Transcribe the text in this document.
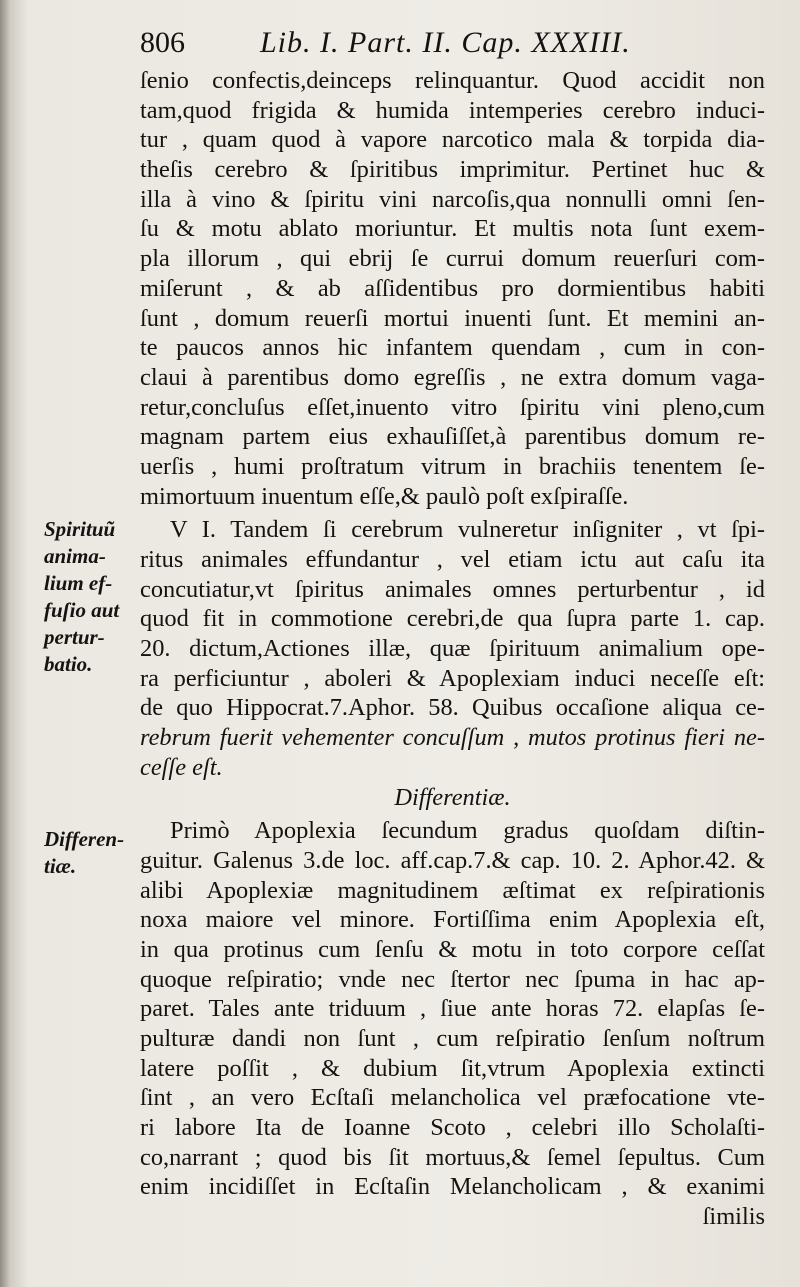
806	Lib. I. Part. II. Cap. XXXIII.
Spirituũ
anima-
lium ef-
fuſio aut
pertur-
batio.
Differen-
tiæ.
ſenio confectis,deinceps relinquantur. Quod accidit non
tam,quod frigida & humida intemperies cerebro induci-
tur , quam quod à vapore narcotico mala & torpida dia-
theſis cerebro & ſpiritibus imprimitur. Pertinet huc &
illa à vino & ſpiritu vini narcoſis,qua nonnulli omni ſen-
ſu & motu ablato moriuntur. Et multis nota ſunt exem-
pla illorum , qui ebrij ſe currui domum reuerſuri com-
miſerunt , & ab aſſidentibus pro dormientibus habiti
ſunt , domum reuerſi mortui inuenti ſunt. Et memini an-
te paucos annos hic infantem quendam , cum in con-
claui à parentibus domo egreſſis , ne extra domum vaga-
retur,concluſus eſſet,inuento vitro ſpiritu vini pleno,cum
magnam partem eius exhauſiſſet,à parentibus domum re-
uerſis , humi proſtratum vitrum in brachiis tenentem ſe-
mimortuum inuentum eſſe,& paulò poſt exſpiraſſe.
V I. Tandem ſi cerebrum vulneretur inſigniter , vt ſpi-
ritus animales effundantur , vel etiam ictu aut caſu ita
concutiatur,vt ſpiritus animales omnes perturbentur , id
quod fit in commotione cerebri,de qua ſupra parte 1. cap.
20. dictum,Actiones illæ, quæ ſpirituum animalium ope-
ra perficiuntur , aboleri & Apoplexiam induci neceſſe eſt:
de quo Hippocrat.7.Aphor. 58. Quibus occaſione aliqua ce-
rebrum fuerit vehementer concuſſum , mutos protinus fieri ne-
ceſſe eſt.
Differentiæ.
Primò Apoplexia ſecundum gradus quoſdam diſtin-
guitur. Galenus 3.de loc. aff.cap.7.& cap. 10. 2. Aphor.42. &
alibi Apoplexiæ magnitudinem æſtimat ex reſpirationis
noxa maiore vel minore. Fortiſſima enim Apoplexia eſt,
in qua protinus cum ſenſu & motu in toto corpore ceſſat
quoque reſpiratio; vnde nec ſtertor nec ſpuma in hac ap-
paret. Tales ante triduum , ſiue ante horas 72. elapſas ſe-
pulturæ dandi non ſunt , cum reſpiratio ſenſum noſtrum
latere poſſit , & dubium ſit,vtrum Apoplexia extincti
ſint , an vero Ecſtaſi melancholica vel præfocatione vte-
ri labore Ita de Ioanne Scoto , celebri illo Scholaſti-
co,narrant ; quod bis ſit mortuus,& ſemel ſepultus. Cum
enim incidiſſet in Ecſtaſin Melancholicam , & exanimi
ſimilis
